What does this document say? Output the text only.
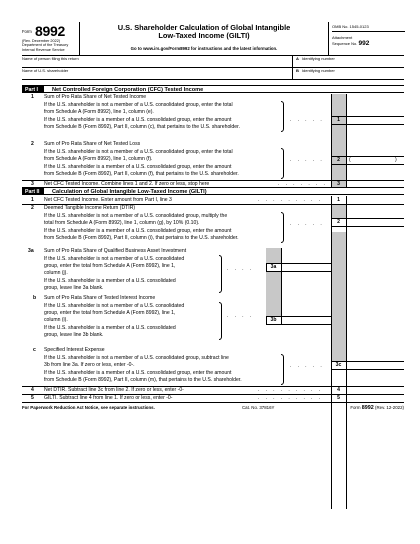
Form 8992
(Rev. December 2022)
Department of the Treasury
Internal Revenue Service
U.S. Shareholder Calculation of Global Intangible
Low-Taxed Income (GILTI)
Go to www.irs.gov/Form8992 for instructions and the latest information.
OMB No. 1545-0123
Attachment
Sequence No. 992
Name of person filing this return	A Identifying number
Name of U.S. shareholder	B Identifying number
Part I	Net Controlled Foreign Corporation (CFC) Tested Income
1 Sum of Pro Rata Share of Net Tested Income
If the U.S. shareholder is not a member of a U.S. consolidated group, enter the total
from Schedule A (Form 8992), line 1, column (e).
If the U.S. shareholder is a member of a U.S. consolidated group, enter the amount
from Schedule B (Form 8992), Part II, column (c), that pertains to the U.S. shareholder.
. . . . .	1
2 Sum of Pro Rata Share of Net Tested Loss
If the U.S. shareholder is not a member of a U.S. consolidated group, enter the total
from Schedule A (Form 8992), line 1, column (f).
If the U.S. shareholder is a member of a U.S. consolidated group, enter the amount
from Schedule B (Form 8992), Part II, column (f), that pertains to the U.S. shareholder.
. . . . .	2	(	)
3 Net CFC Tested Income. Combine lines 1 and 2. If zero or less, stop here	. . . . . . .	3
Part II	Calculation of Global Intangible Low-Taxed Income (GILTI)
1 Net CFC Tested Income. Enter amount from Part I, line 3	. . . . . . . . .	1
2 Deemed Tangible Income Return (DTIR)
If the U.S. shareholder is not a member of a U.S. consolidated group, multiply the
total from Schedule A (Form 8992), line 1, column (g), by 10% (0.10).
If the U.S. shareholder is a member of a U.S. consolidated group, enter the amount
from Schedule B (Form 8992), Part II, column (i), that pertains to the U.S. shareholder.
. . . . .	2
3a Sum of Pro Rata Share of Qualified Business Asset Investment
If the U.S. shareholder is not a member of a U.S. consolidated
group, enter the total from Schedule A (Form 8992), line 1,
column (j).
If the U.S. shareholder is a member of a U.S. consolidated
group, leave line 3a blank.
. . . .	3a
b Sum of Pro Rata Share of Tested Interest Income
If the U.S. shareholder is not a member of a U.S. consolidated
group, enter the total from Schedule A (Form 8992), line 1,
column (i).
If the U.S. shareholder is a member of a U.S. consolidated
group, leave line 3b blank.
. . . .
3b
c Specified Interest Expense
If the U.S. shareholder is not a member of a U.S. consolidated group, subtract line
3b from line 3a. If zero or less, enter -0-.
If the U.S. shareholder is a member of a U.S. consolidated group, enter the amount
from Schedule B (Form 8992), Part II, column (m), that pertains to the U.S. shareholder.
. . . . .	3c
4 Net DTIR. Subtract line 3c from line 2. If zero or less, enter -0-	. . . . . . . . .	4
5 GILTI. Subtract line 4 from line 1. If zero or less, enter -0-	. . . . . . . . .	5
For Paperwork Reduction Act Notice, see separate instructions.	Cat. No. 37816Y	Form 8992 (Rev. 12-2022)
